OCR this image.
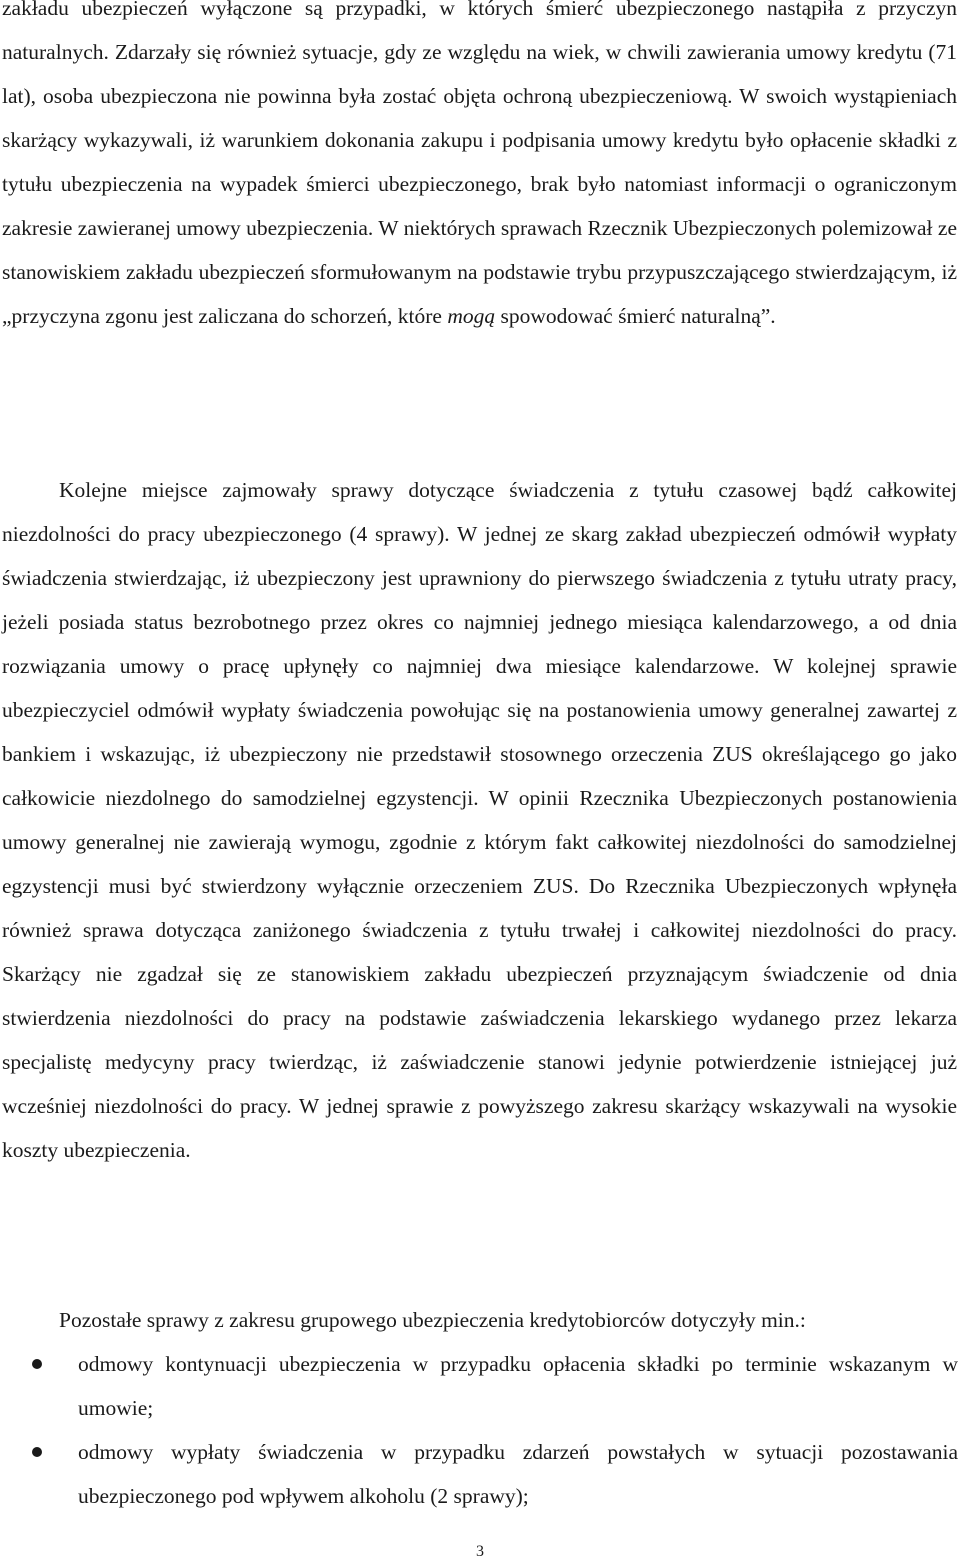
zakładu ubezpieczeń wyłączone są przypadki, w których śmierć ubezpieczonego nastąpiła z przyczyn naturalnych. Zdarzały się również sytuacje, gdy ze względu na wiek, w chwili zawierania umowy kredytu (71 lat), osoba ubezpieczona nie powinna była zostać objęta ochroną ubezpieczeniową. W swoich wystąpieniach skarżący wykazywali, iż warunkiem dokonania zakupu i podpisania umowy kredytu było opłacenie składki z tytułu ubezpieczenia na wypadek śmierci ubezpieczonego, brak było natomiast informacji o ograniczonym zakresie zawieranej umowy ubezpieczenia. W niektórych sprawach Rzecznik Ubezpieczonych polemizował ze stanowiskiem zakładu ubezpieczeń sformułowanym na podstawie trybu przypuszczającego stwierdzającym, iż „przyczyna zgonu jest zaliczana do schorzeń, które mogą spowodować śmierć naturalną”.

Kolejne miejsce zajmowały sprawy dotyczące świadczenia z tytułu czasowej bądź całkowitej niezdolności do pracy ubezpieczonego (4 sprawy). W jednej ze skarg zakład ubezpieczeń odmówił wypłaty świadczenia stwierdzając, iż ubezpieczony jest uprawniony do pierwszego świadczenia z tytułu utraty pracy, jeżeli posiada status bezrobotnego przez okres co najmniej jednego miesiąca kalendarzowego, a od dnia rozwiązania umowy o pracę upłynęły co najmniej dwa miesiące kalendarzowe. W kolejnej sprawie ubezpieczyciel odmówił wypłaty świadczenia powołując się na postanowienia umowy generalnej zawartej z bankiem i wskazując, iż ubezpieczony nie przedstawił stosownego orzeczenia ZUS określającego go jako całkowicie niezdolnego do samodzielnej egzystencji. W opinii Rzecznika Ubezpieczonych postanowienia umowy generalnej nie zawierają wymogu, zgodnie z którym fakt całkowitej niezdolności do samodzielnej egzystencji musi być stwierdzony wyłącznie orzeczeniem ZUS. Do Rzecznika Ubezpieczonych wpłynęła również sprawa dotycząca zaniżonego świadczenia z tytułu trwałej i całkowitej niezdolności do pracy. Skarżący nie zgadzał się ze stanowiskiem zakładu ubezpieczeń przyznającym świadczenie od dnia stwierdzenia niezdolności do pracy na podstawie zaświadczenia lekarskiego wydanego przez lekarza specjalistę medycyny pracy twierdząc, iż zaświadczenie stanowi jedynie potwierdzenie istniejącej już wcześniej niezdolności do pracy. W jednej sprawie z powyższego zakresu skarżący wskazywali na wysokie koszty ubezpieczenia.

Pozostałe sprawy z zakresu grupowego ubezpieczenia kredytobiorców dotyczyły min.:

odmowy kontynuacji ubezpieczenia w przypadku opłacenia składki po terminie wskazanym w umowie;
odmowy wypłaty świadczenia w przypadku zdarzeń powstałych w sytuacji pozostawania ubezpieczonego pod wpływem alkoholu (2 sprawy);
3
